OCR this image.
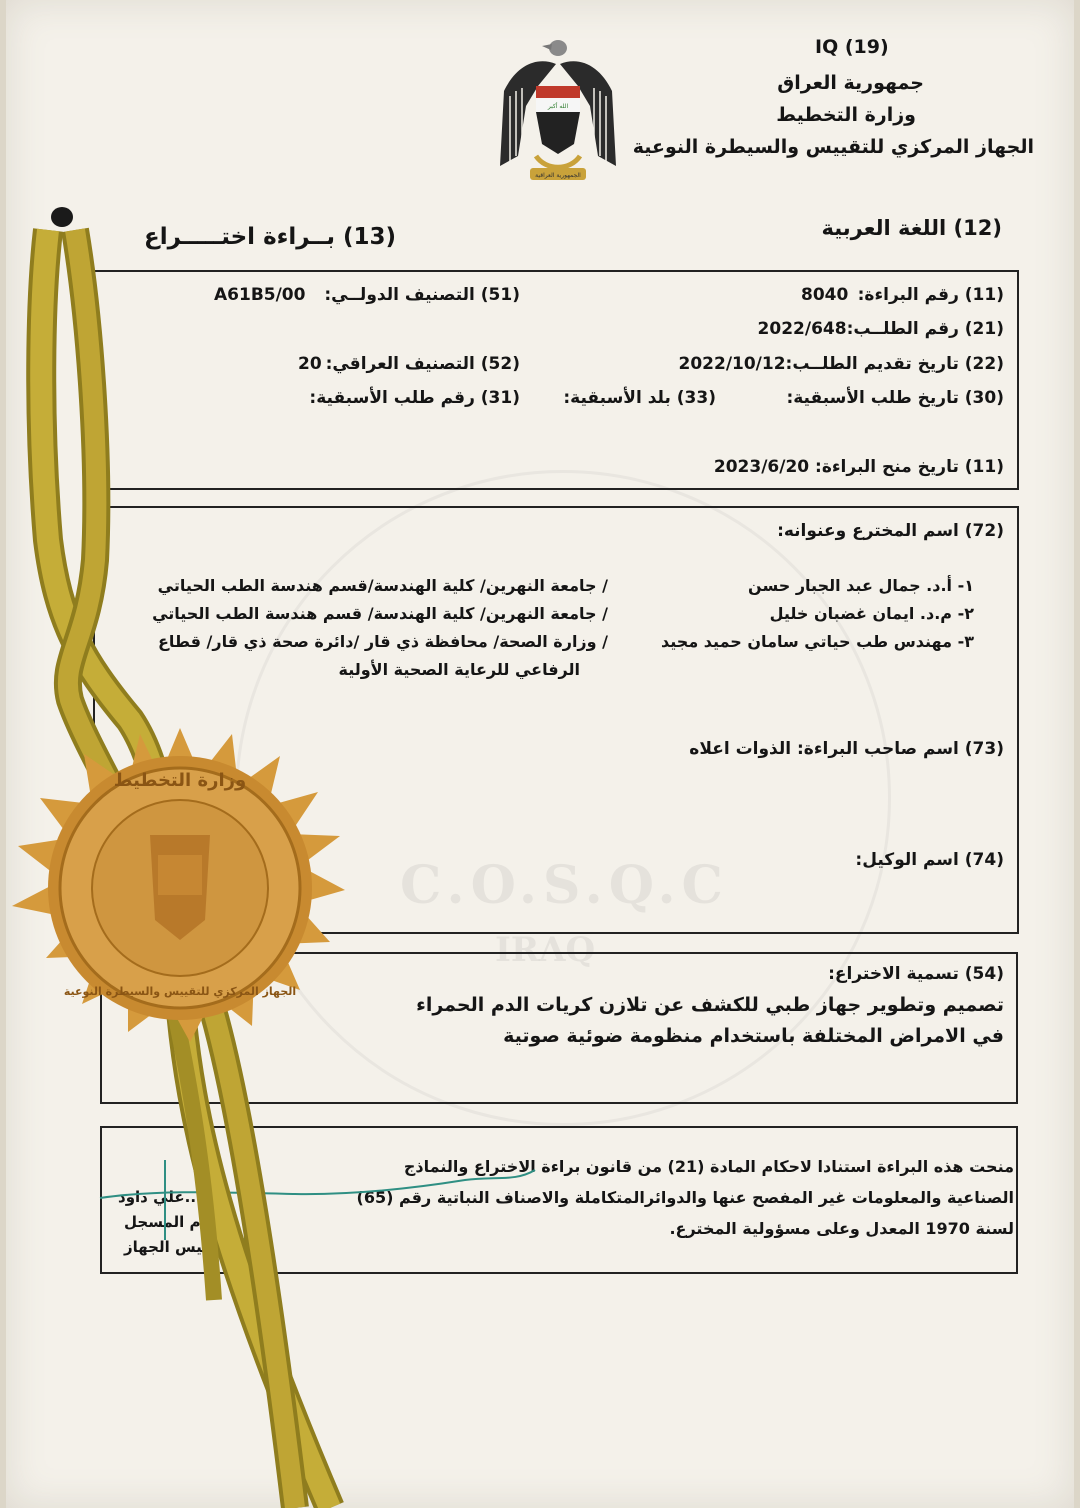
C.O.S.Q.C
IRAQ
الله أكبر
الجمهورية العراقية
IQ (19)
جمهورية العراق
وزارة التخطيط
الجهاز المركزي للتقييس والسيطرة النوعية
(12) اللغة العربية
(13) بــراءة اختـــــراع
(11) رقم البراءة:
8040
(51) التصنيف الدولــي:
A61B5/00
(21) رقم الطلــب:2022/648
(22) تاريخ تقديم الطلــب:2022/10/12
(52) التصنيف العراقي:
20
(30) تاريخ طلب الأسبقية:
(33) بلد الأسبقية:
(31) رقم طلب الأسبقية:
(11) تاريخ منح البراءة: 2023/6/20
(72) اسم المخترع وعنوانه:
١- أ.د. جمال عبد الجبار حسن
٢- م.د. ايمان غضبان خليل
٣- مهندس طب حياتي سامان حميد مجيد
/ جامعة النهرين/ كلية الهندسة/قسم هندسة الطب الحياتي
/ جامعة النهرين/ كلية الهندسة/ قسم هندسة الطب الحياتي
/ وزارة الصحة/ محافظة ذي قار /دائرة صحة ذي قار/ قطاع
الرفاعي للرعاية الصحية الأولية
(73) اسم صاحب البراءة: الذوات اعلاه
(74) اسم الوكيل:
(54) تسمية الاختراع:
تصميم وتطوير جهاز طبي للكشف عن تلازن كريات الدم الحمراء
في الامراض المختلفة باستخدام منظومة ضوئية صوتية
منحت هذه البراءة استنادا لاحكام المادة (21) من قانون براءة الاختراع والنماذج
الصناعية والمعلومات غير المفصح عنها والدوائرالمتكاملة والاصناف النباتية رقم (65)
لسنة 1970 المعدل وعلى مسؤولية المخترع.
...علي داود
...م المسجل
...ئيس الجهاز
وزارة التخطيط
الجهاز المركزي للتقييس والسيطرة النوعية
